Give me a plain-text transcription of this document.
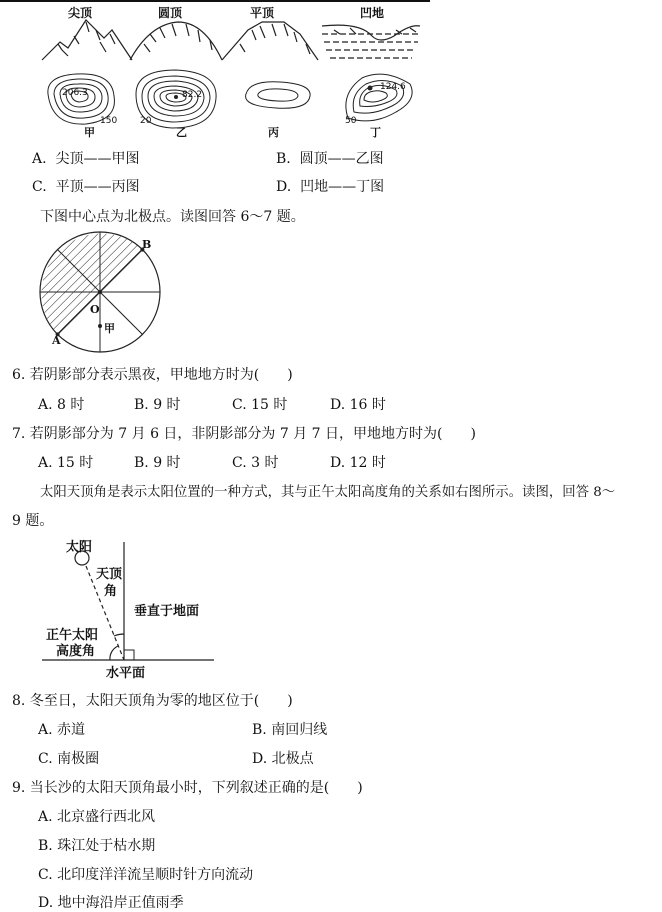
尖顶	圆顶	平顶	凹地
206.3	82.2
124.6
150	20	50
甲	乙	丙	丁
A. 尖顶——甲图	B. 圆顶——乙图
C. 平顶——丙图	D. 凹地——丁图

下图中心点为北极点。读图回答 6～7 题。

B
O
甲
A

6. 若阴影部分表示黑夜，甲地地方时为(　　)

A. 8 时	B. 9 时	C. 15 时	D. 16 时

7. 若阴影部分为 7 月 6 日，非阴影部分为 7 月 7 日，甲地地方时为(　　)

A. 15 时	B. 9 时	C. 3 时	D. 12 时

太阳天顶角是表示太阳位置的一种方式，其与正午太阳高度角的关系如右图所示。读图，回答 8～

9 题。

太阳
天顶
角
垂直于地面
正午太阳
高度角
水平面

8. 冬至日，太阳天顶角为零的地区位于(　　)

A. 赤道	B. 南回归线
C. 南极圈	D. 北极点

9. 当长沙的太阳天顶角最小时，下列叙述正确的是(　　)

A. 北京盛行西北风
B. 珠江处于枯水期
C. 北印度洋洋流呈顺时针方向流动
D. 地中海沿岸正值雨季
